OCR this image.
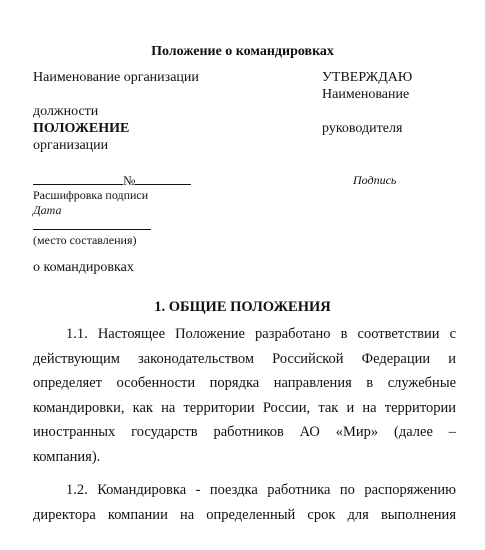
Положение о командировках
Наименование организации
должности
ПОЛОЖЕНИЕ
организации
№
Расшифровка подписи
Дата
(место составления)
о командировках
УТВЕРЖДАЮ
Наименование
руководителя
Подпись
1. ОБЩИЕ ПОЛОЖЕНИЯ
1.1. Настоящее Положение разработано в соответствии с
действующим законодательством Российской Федерации и
определяет особенности порядка направления в служебные
командировки, как на территории России, так и на территории
иностранных государств работников АО «Мир» (далее –
компания).
1.2. Командировка - поездка работника по распоряжению
директора компании на определенный срок для выполнения
